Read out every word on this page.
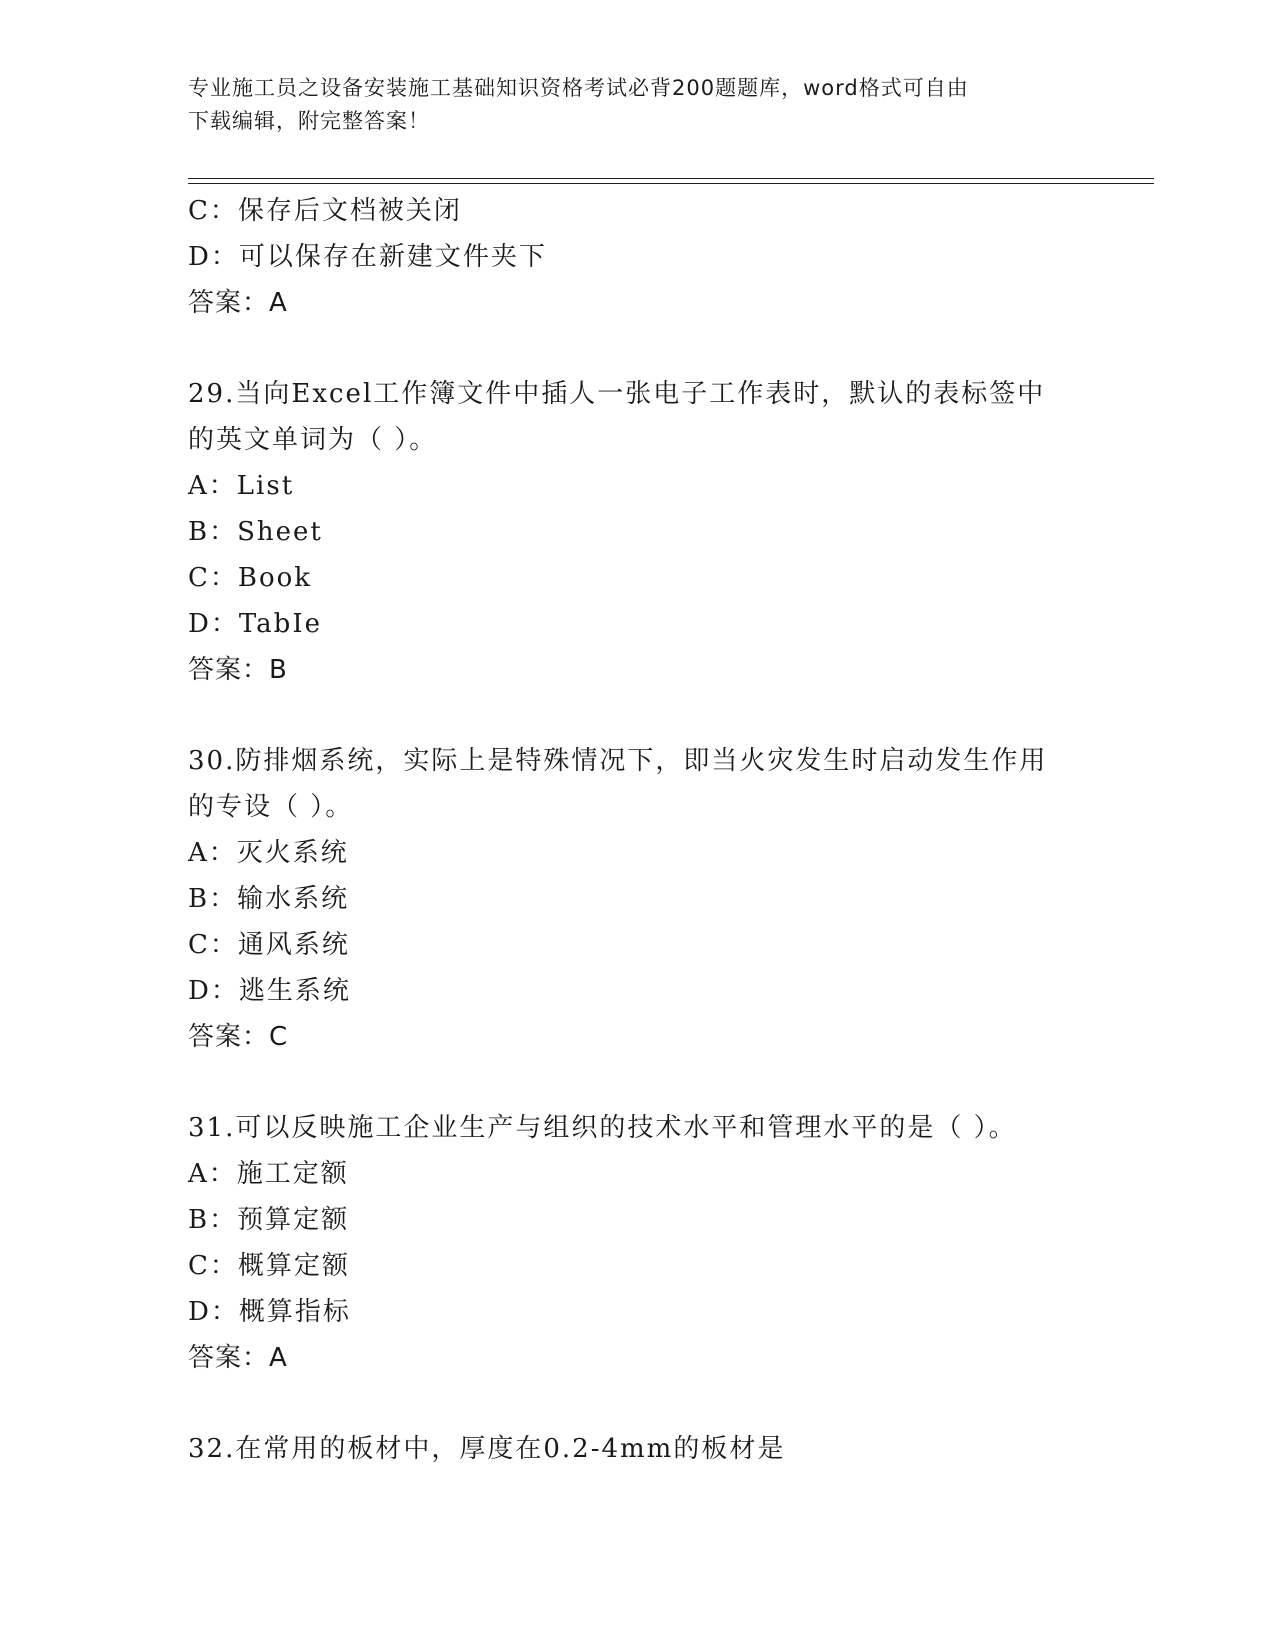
专业施工员之设备安装施工基础知识资格考试必背200题题库，word格式可自由
下载编辑，附完整答案！
C：保存后文档被关闭
D：可以保存在新建文件夹下
答案：A
29.当向Excel工作簿文件中插人一张电子工作表时，默认的表标签中
的英文单词为（ ）。
A：List
B：Sheet
C：Book
D：TabIe
答案：B
30.防排烟系统，实际上是特殊情况下，即当火灾发生时启动发生作用
的专设（ ）。
A：灭火系统
B：输水系统
C：通风系统
D：逃生系统
答案：C
31.可以反映施工企业生产与组织的技术水平和管理水平的是（ ）。
A：施工定额
B：预算定额
C：概算定额
D：概算指标
答案：A
32.在常用的板材中，厚度在0.2-4mm的板材是
